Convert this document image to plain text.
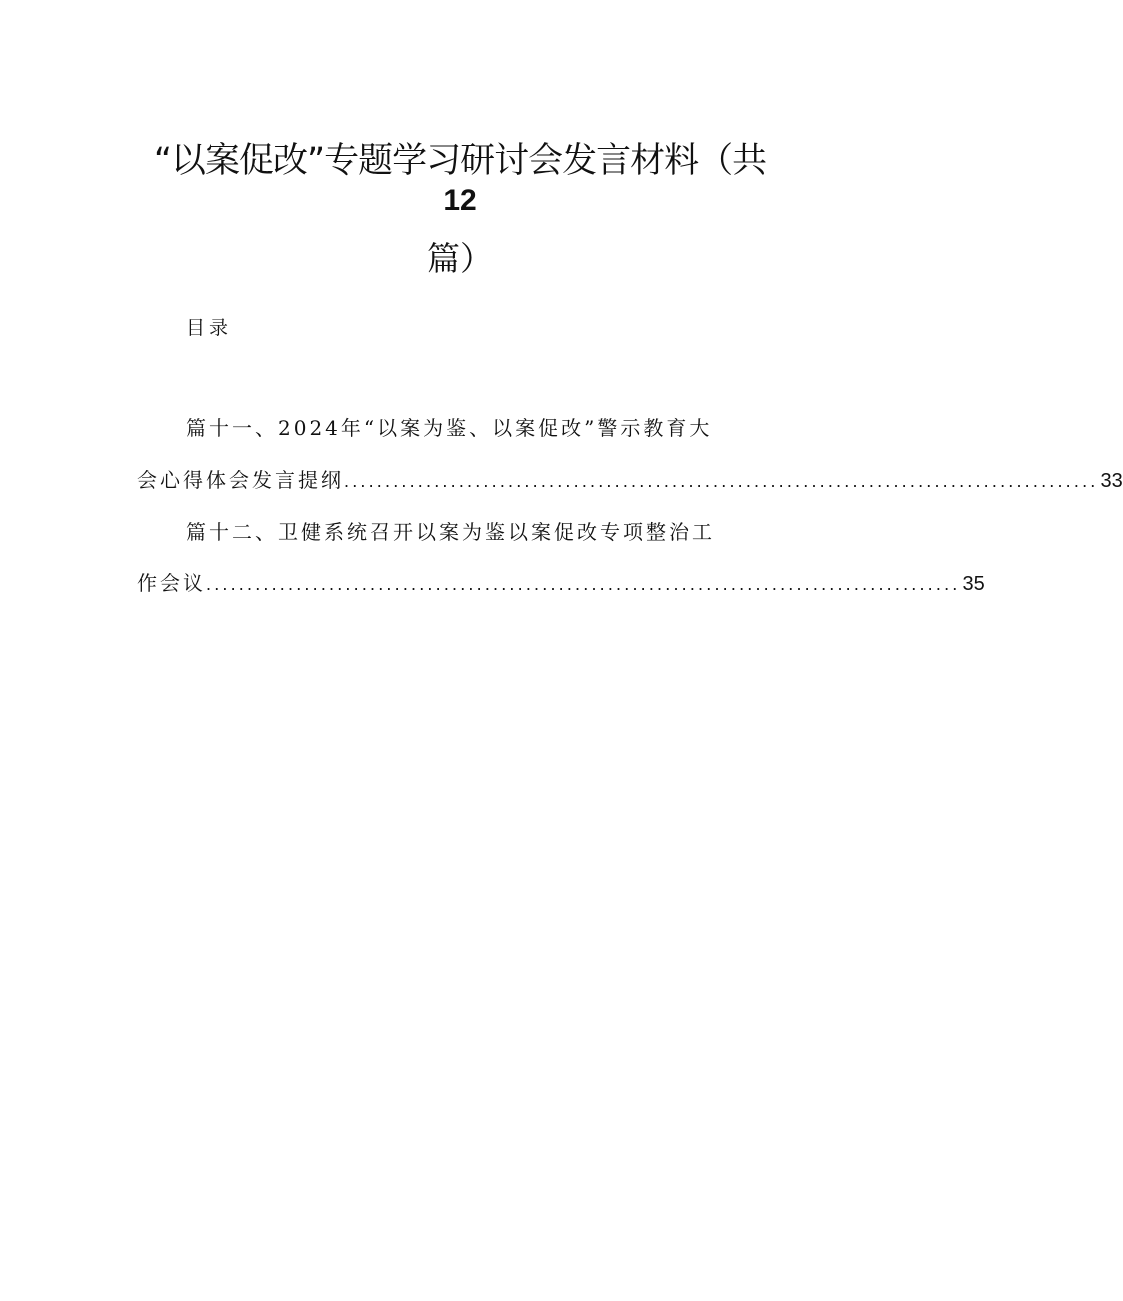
“以案促改”专题学习研讨会发言材料（共
12
篇）
目录
篇十一、2024年“以案为鉴、以案促改”警示教育大
会心得体会发言提纲 ............................................................................................ 33
篇十二、卫健系统召开以案为鉴以案促改专项整治工
作会议 ............................................................................................ 35
